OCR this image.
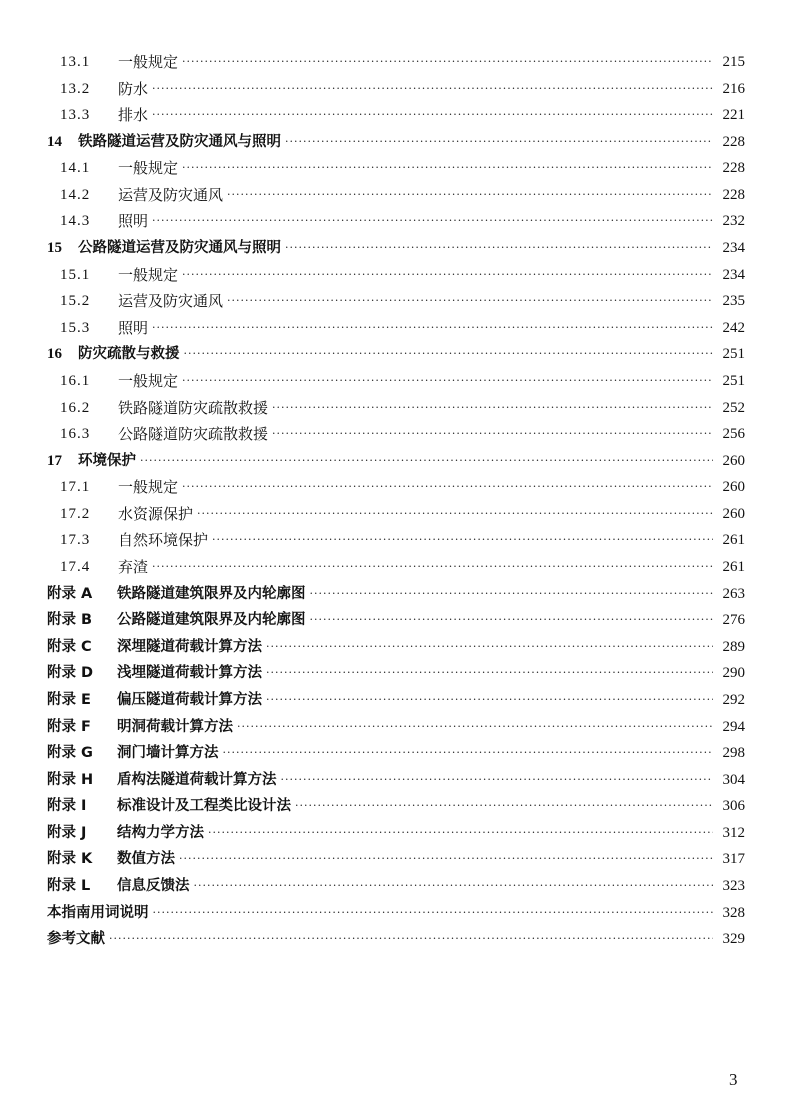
13.1	一般规定 ·····	215
13.2	防水 ·····	216
13.3	排水 ·····	221
14	铁路隧道运营及防灾通风与照明 ·····	228
14.1	一般规定 ·····	228
14.2	运营及防灾通风 ·····	228
14.3	照明 ·····	232
15	公路隧道运营及防灾通风与照明 ·····	234
15.1	一般规定 ·····	234
15.2	运营及防灾通风 ·····	235
15.3	照明 ·····	242
16	防灾疏散与救援 ·····	251
16.1	一般规定 ·····	251
16.2	铁路隧道防灾疏散救援 ·····	252
16.3	公路隧道防灾疏散救援 ·····	256
17	环境保护 ·····	260
17.1	一般规定 ·····	260
17.2	水资源保护 ·····	260
17.3	自然环境保护 ·····	261
17.4	弃渣 ·····	261
附录 A	铁路隧道建筑限界及内轮廓图 ·····	263
附录 B	公路隧道建筑限界及内轮廓图 ·····	276
附录 C	深埋隧道荷载计算方法 ·····	289
附录 D	浅埋隧道荷载计算方法 ·····	290
附录 E	偏压隧道荷载计算方法 ·····	292
附录 F	明洞荷载计算方法 ·····	294
附录 G	洞门墙计算方法 ·····	298
附录 H	盾构法隧道荷载计算方法 ·····	304
附录 I	标准设计及工程类比设计法 ·····	306
附录 J	结构力学方法 ·····	312
附录 K	数值方法 ·····	317
附录 L	信息反馈法 ·····	323
本指南用词说明 ·····	328
参考文献 ·····	329
3
